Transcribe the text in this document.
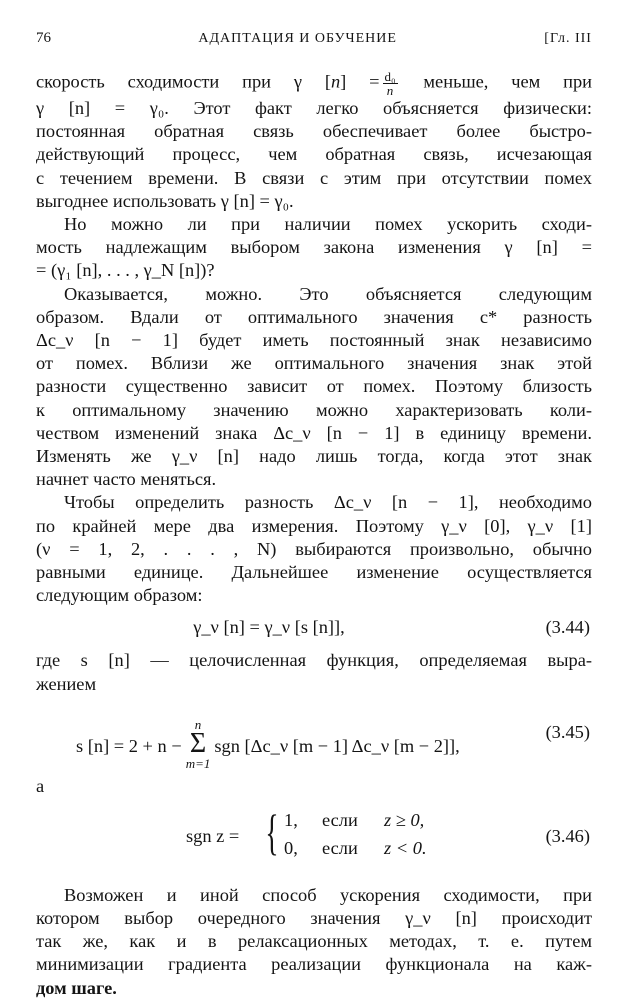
76	АДАПТАЦИЯ И ОБУЧЕНИЕ	[Гл. III

скорость сходимости при γ $[n] = \frac{\text{d₀}}{n}$ меньше, чем при
γ [n] = γ₀. Этот факт легко объясняется физически:
постоянная обратная связь обеспечивает более быстро-
действующий процесс, чем обратная связь, исчезающая
с течением времени. В связи с этим при отсутствии помех
выгоднее использовать γ [n] = γ₀.

Но можно ли при наличии помех ускорить сходи-
мость надлежащим выбором закона изменения γ [n] =
= (γ₁ [n], . . . , γ_N [n])?

Оказывается, можно. Это объясняется следующим
образом. Вдали от оптимального значения c* разность
Δc_ν [n − 1] будет иметь постоянный знак независимо
от помех. Вблизи же оптимального значения знак этой
разности существенно зависит от помех. Поэтому близость
к оптимальному значению можно характеризовать коли-
чеством изменений знака Δc_ν [n − 1] в единицу времени.
Изменять же γ_ν [n] надо лишь тогда, когда этот знак
начнет часто меняться.

Чтобы определить разность Δc_ν [n − 1], необходимо
по крайней мере два измерения. Поэтому γ_ν [0], γ_ν [1]
(ν = 1, 2, . . . , N) выбираются произвольно, обычно
равными единице. Дальнейшее изменение осуществляется
следующим образом:

γ_ν [n] = γ_ν [s [n]],	(3.44)

где s [n] — целочисленная функция, определяемая выра-
жением

s [n] = 2 + n −
n
Σ
m=1
sgn [Δc_ν [m − 1] Δc_ν [m − 2]],
(3.45)
а
sgn z = { 1, если z ≥ 0,
0, если z < 0.
(3.46)

Возможен и иной способ ускорения сходимости, при
котором выбор очередного значения γ_ν [n] происходит
так же, как и в релаксационных методах, т. е. путем
минимизации градиента реализации функционала на каж-
дом шаге.
